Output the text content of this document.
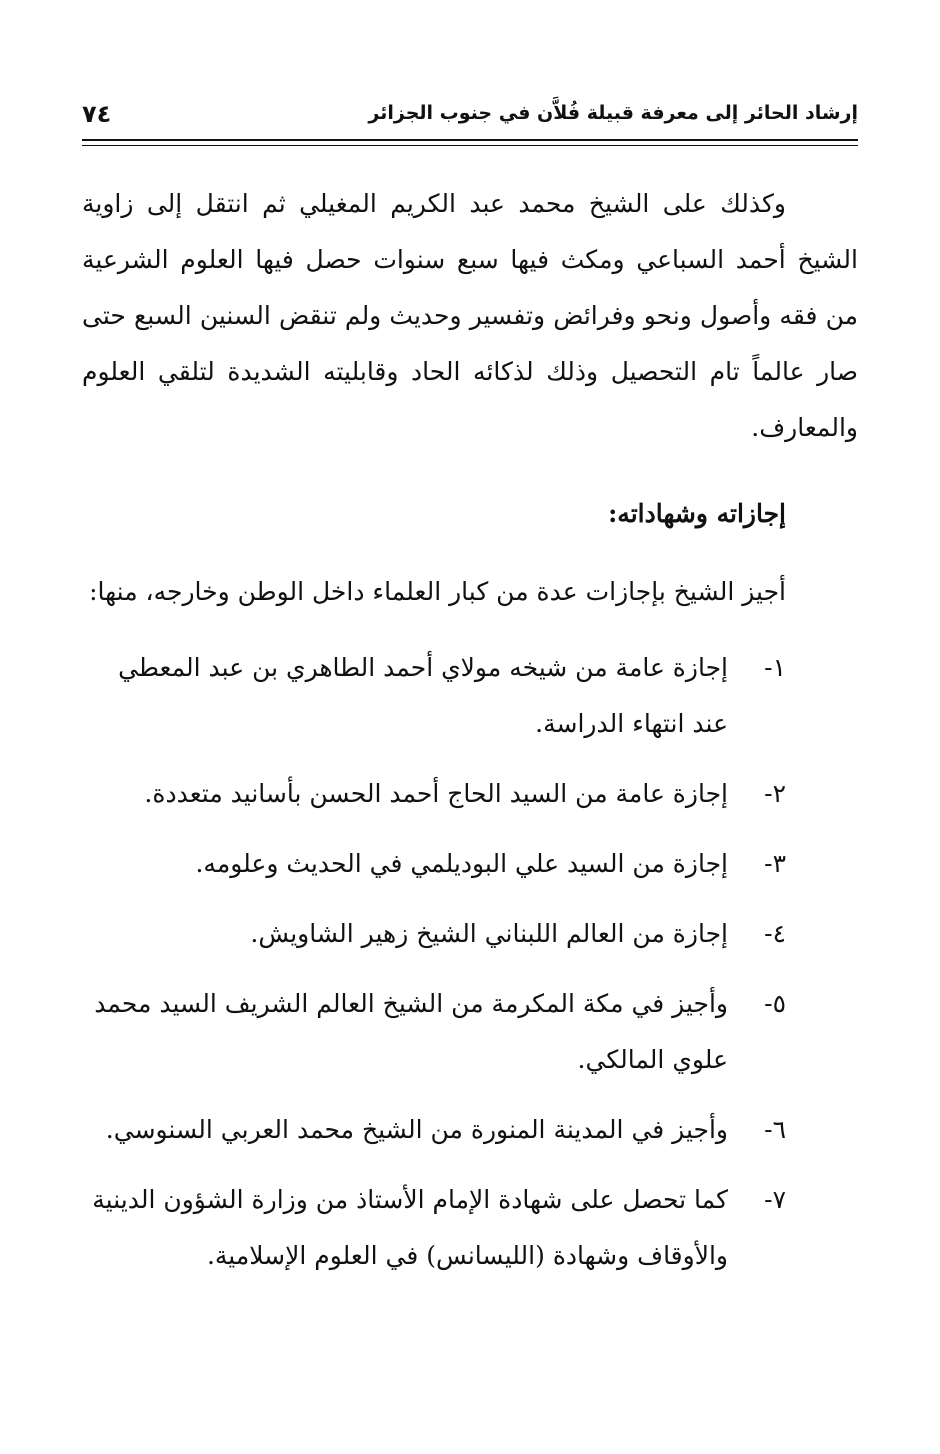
إرشاد الحائر إلى معرفة قبيلة فُلاَّن في جنوب الجزائر
٧٤

وكذلك على الشيخ محمد عبد الكريم المغيلي ثم انتقل إلى زاوية الشيخ أحمد السباعي ومكث فيها سبع سنوات حصل فيها العلوم الشرعية من فقه وأصول ونحو وفرائض وتفسير وحديث ولم تنقض السنين السبع حتى صار عالماً تام التحصيل وذلك لذكائه الحاد وقابليته الشديدة لتلقي العلوم والمعارف.

إجازاته وشهاداته:

أجيز الشيخ بإجازات عدة من كبار العلماء داخل الوطن وخارجه، منها:

١-
إجازة عامة من شيخه مولاي أحمد الطاهري بن عبد المعطي عند انتهاء الدراسة.
٢-
إجازة عامة من السيد الحاج أحمد الحسن بأسانيد متعددة.
٣-
إجازة من السيد علي البوديلمي في الحديث وعلومه.
٤-
إجازة من العالم اللبناني الشيخ زهير الشاويش.
٥-
وأجيز في مكة المكرمة من الشيخ العالم الشريف السيد محمد علوي المالكي.
٦-
وأجيز في المدينة المنورة من الشيخ محمد العربي السنوسي.
٧-
كما تحصل على شهادة الإمام الأستاذ من وزارة الشؤون الدينية والأوقاف وشهادة (الليسانس) في العلوم الإسلامية.
